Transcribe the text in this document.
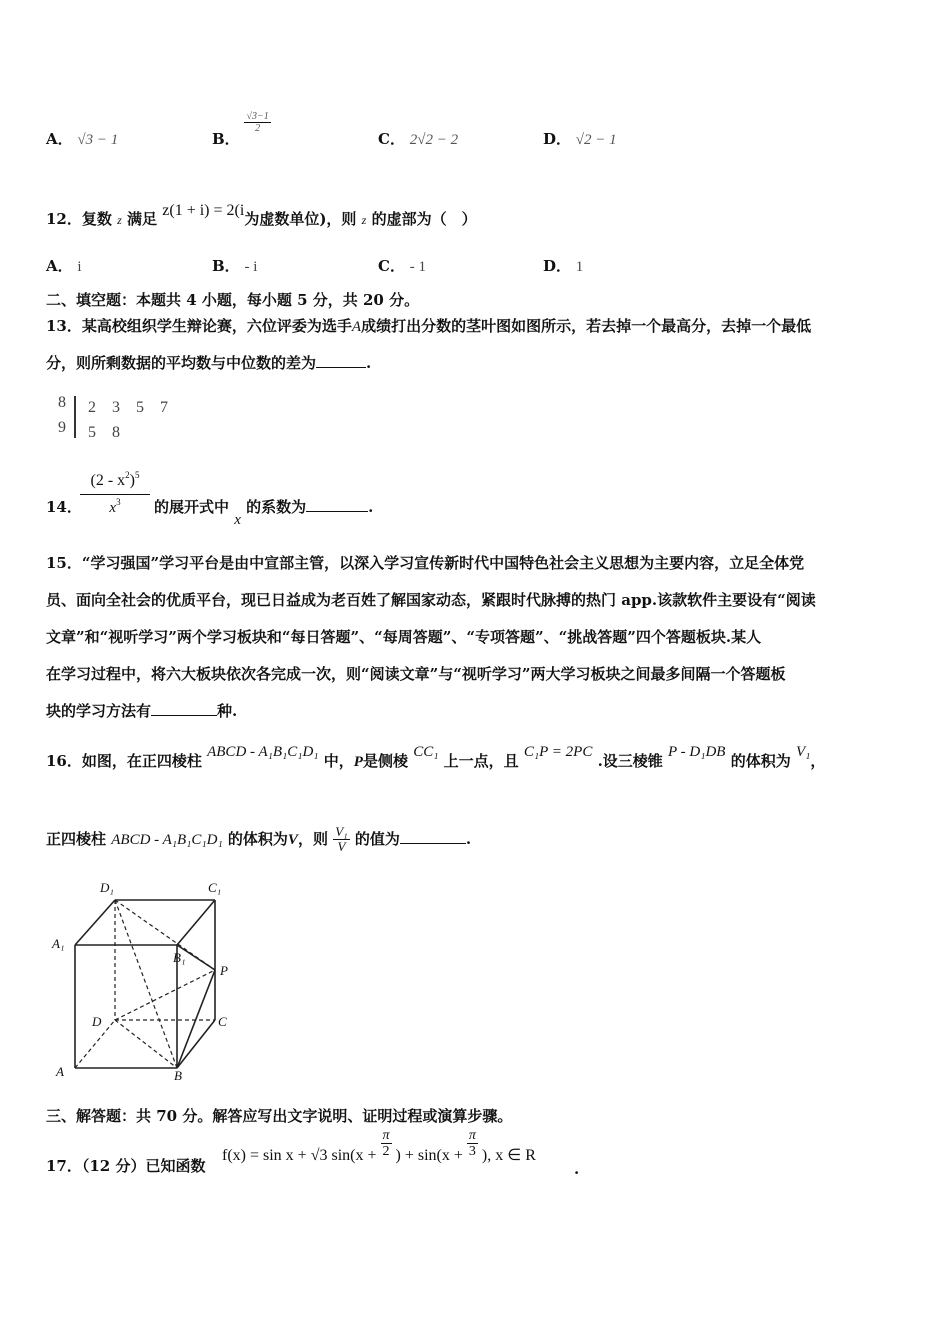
A． √3 − 1	B．
$\frac{√3-1}{2}$
C． 2√2 − 2	D． √2 − 1
12．复数 z 满足 z(1 + i) = 2(i为虚数单位)，则 z 的虚部为（　）
A． i	B． - i	C． - 1	D． 1
二、填空题：本题共 4 小题，每小题 5 分，共 20 分。
13．某高校组织学生辩论赛，六位评委为选手A成绩打出分数的茎叶图如图所示，若去掉一个最高分，去掉一个最低
分，则所剩数据的平均数与中位数的差为	.
8 2　3　5　7
9 5　8
14．
$\frac{(2 - x^2)^5}{x^3}$ 的展开式中 x 的系数为	.
15．“学习强国”学习平台是由中宣部主管，以深入学习宣传新时代中国特色社会主义思想为主要内容，立足全体党
员、面向全社会的优质平台，现已日益成为老百姓了解国家动态，紧跟时代脉搏的热门 app.该款软件主要设有“阅读
文章”和“视听学习”两个学习板块和“每日答题”、“每周答题”、“专项答题”、“挑战答题”四个答题板块.某人
在学习过程中，将六大板块依次各完成一次，则“阅读文章”与“视听学习”两大学习板块之间最多间隔一个答题板
块的学习方法有	种.
16．如图，在正四棱柱 ABCD - A₁B₁C₁D₁ 中，P是侧棱 CC₁ 上一点，且 C₁P = 2PC .设三棱锥 P - D₁DB 的体积为 V₁，
正四棱柱 ABCD - A₁B₁C₁D₁ 的体积为V，则 $\frac{\text{V₁}}{V}$ 的值为	.
D₁	C₁
A₁
B₁
P
D	C
A	B
三、解答题：共 70 分。解答应写出文字说明、证明过程或演算步骤。
17．（12 分）已知函数
f(x) = sin x + √3 $\sin(x + \frac{\pi}{2}$ ) + $\sin(x + \frac{\pi}{3}$ ), x ∈ R
.
